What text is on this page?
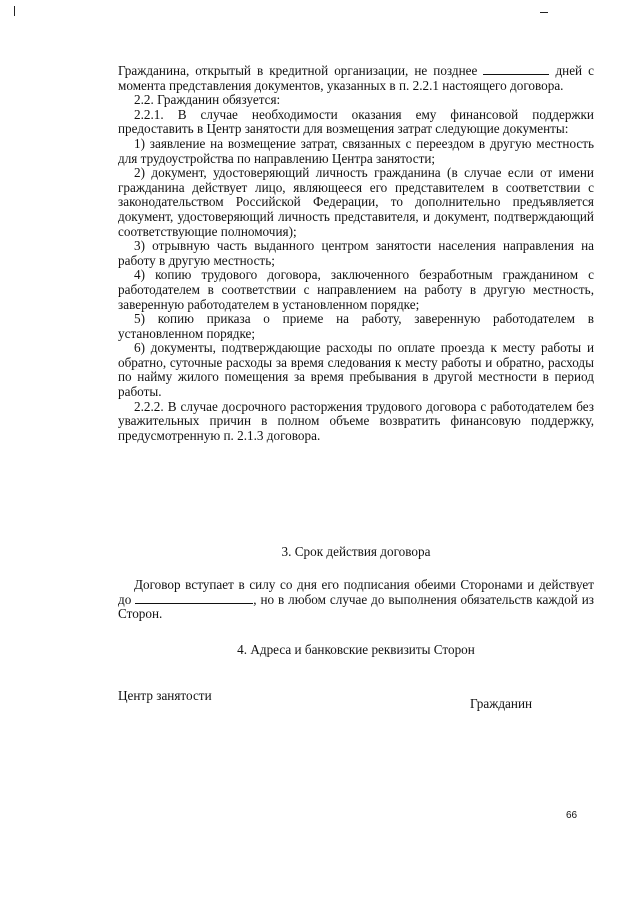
Гражданина, открытый в кредитной организации, не позднее	дней с момента представления документов, указанных в п. 2.2.1 настоящего договора.

2.2. Гражданин обязуется:

2.2.1. В случае необходимости оказания ему финансовой поддержки предоставить в Центр занятости для возмещения затрат следующие документы:

1) заявление на возмещение затрат, связанных с переездом в другую местность для трудоустройства по направлению Центра занятости;

2) документ, удостоверяющий личность гражданина (в случае если от имени гражданина действует лицо, являющееся его представителем в соответствии с законодательством Российской Федерации, то дополнительно предъявляется документ, удостоверяющий личность представителя, и документ, подтверждающий соответствующие полномочия);

3) отрывную часть выданного центром занятости населения направления на работу в другую местность;

4) копию трудового договора, заключенного безработным гражданином с работодателем в соответствии с направлением на работу в другую местность, заверенную работодателем в установленном порядке;

5) копию приказа о приеме на работу, заверенную работодателем в установленном порядке;

6) документы, подтверждающие расходы по оплате проезда к месту работы и обратно, суточные расходы за время следования к месту работы и обратно, расходы по найму жилого помещения за время пребывания в другой местности в период работы.

2.2.2. В случае досрочного расторжения трудового договора с работодателем без уважительных причин в полном объеме возвратить финансовую поддержку, предусмотренную п. 2.1.3 договора.

3. Срок действия договора

Договор вступает в силу со дня его подписания обеими Сторонами и действует до	, но в любом случае до выполнения обязательств каждой из Сторон.

4. Адреса и банковские реквизиты Сторон
Центр занятости
Гражданин
66
